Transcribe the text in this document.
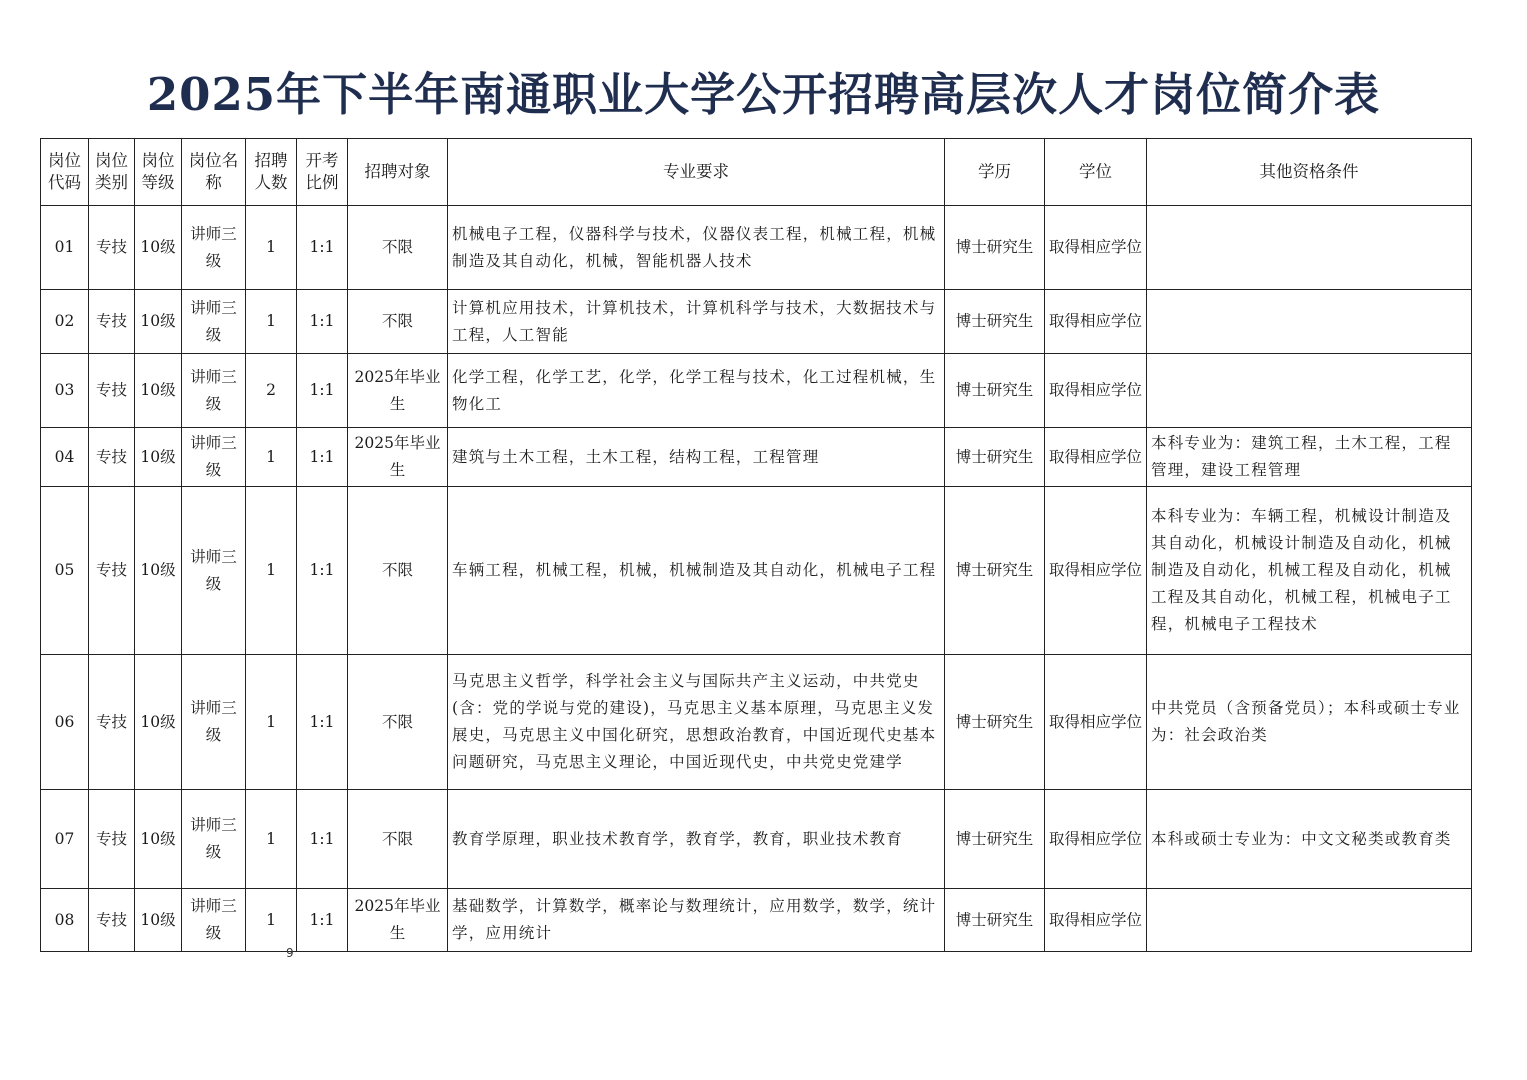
2025年下半年南通职业大学公开招聘高层次人才岗位简介表
岗位代码	岗位类别	岗位等级	岗位名称	招聘人数	开考比例	招聘对象	专业要求	学历	学位	其他资格条件
01	专技	10级	讲师三级	1	1:1	不限	机械电子工程，仪器科学与技术，仪器仪表工程，机械工程，机械制造及其自动化，机械，智能机器人技术	博士研究生	取得相应学位	
02	专技	10级	讲师三级	1	1:1	不限	计算机应用技术，计算机技术，计算机科学与技术，大数据技术与工程，人工智能	博士研究生	取得相应学位	
03	专技	10级	讲师三级	2	1:1	2025年毕业生	化学工程，化学工艺，化学，化学工程与技术，化工过程机械，生物化工	博士研究生	取得相应学位	
04	专技	10级	讲师三级	1	1:1	2025年毕业生	建筑与土木工程，土木工程，结构工程，工程管理	博士研究生	取得相应学位	本科专业为：建筑工程，土木工程，工程管理，建设工程管理
05	专技	10级	讲师三级	1	1:1	不限	车辆工程，机械工程，机械，机械制造及其自动化，机械电子工程	博士研究生	取得相应学位	本科专业为：车辆工程，机械设计制造及其自动化，机械设计制造及自动化，机械制造及自动化，机械工程及自动化，机械工程及其自动化，机械工程，机械电子工程，机械电子工程技术
06	专技	10级	讲师三级	1	1:1	不限	马克思主义哲学，科学社会主义与国际共产主义运动，中共党史(含：党的学说与党的建设)，马克思主义基本原理，马克思主义发展史，马克思主义中国化研究，思想政治教育，中国近现代史基本问题研究，马克思主义理论，中国近现代史，中共党史党建学	博士研究生	取得相应学位	中共党员（含预备党员）；本科或硕士专业为：社会政治类
07	专技	10级	讲师三级	1	1:1	不限	教育学原理，职业技术教育学，教育学，教育，职业技术教育	博士研究生	取得相应学位	本科或硕士专业为：中文文秘类或教育类
08	专技	10级	讲师三级	1	1:1	2025年毕业生	基础数学，计算数学，概率论与数理统计，应用数学，数学，统计学，应用统计	博士研究生	取得相应学位	
9
